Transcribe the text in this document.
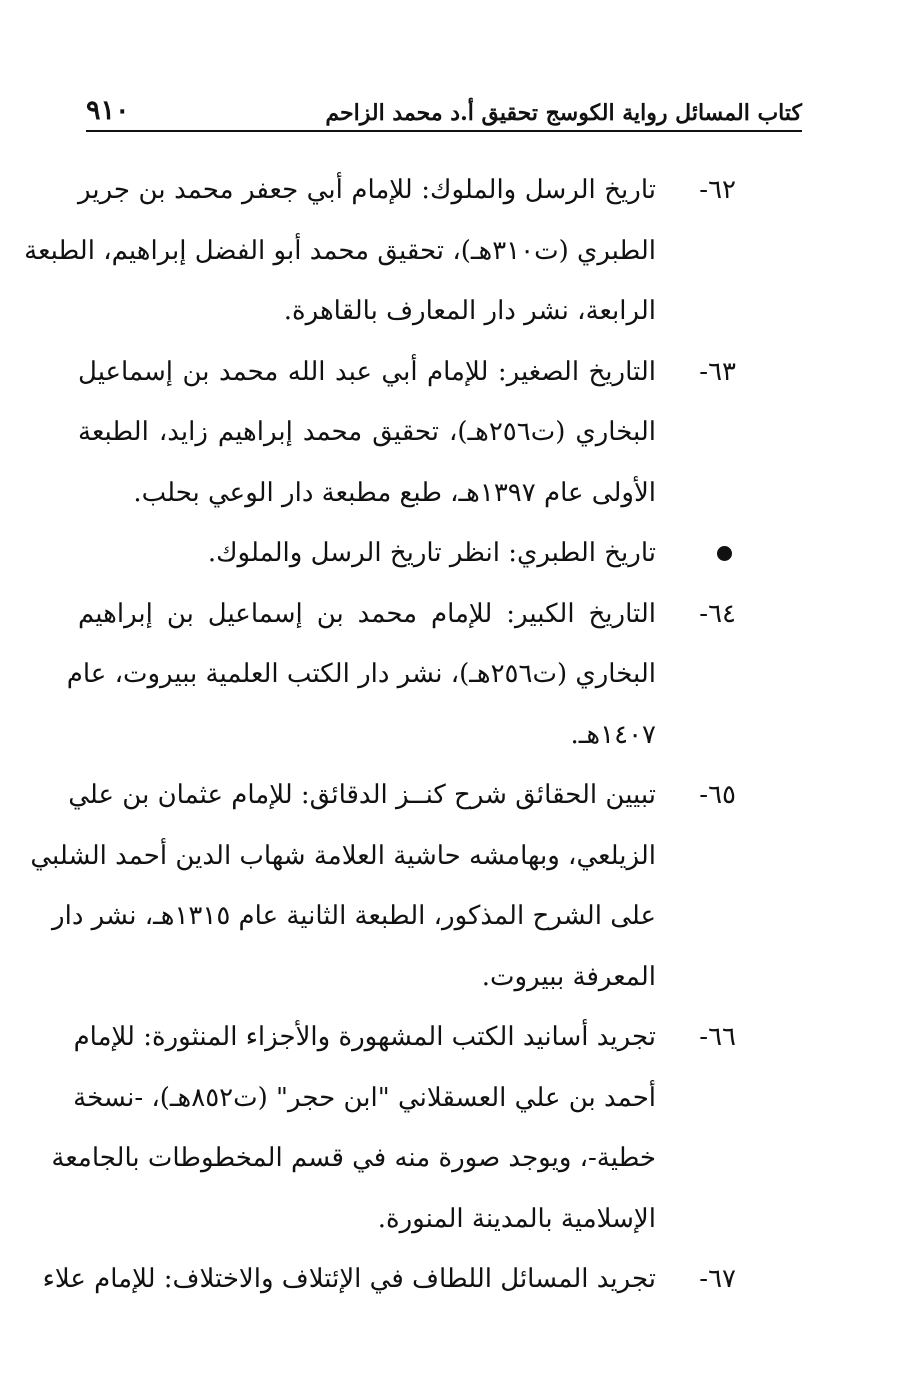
كتاب المسائل رواية الكوسج تحقيق أ.د محمد الزاحم
٩١٠
٦٢-
تاريخ الرسل والملوك: للإمام أبي جعفر محمد بن جرير
الطبري (ت٣١٠هـ)، تحقيق محمد أبو الفضل إبراهيم، الطبعة
الرابعة، نشر دار المعارف بالقاهرة.
٦٣-
التاريخ الصغير: للإمام أبي عبد الله محمد بن إسماعيل
البخاري (ت٢٥٦هـ)، تحقيق محمد إبراهيم زايد، الطبعة
الأولى عام ١٣٩٧هـ، طبع مطبعة دار الوعي بحلب.
تاريخ الطبري: انظر تاريخ الرسل والملوك.
٦٤-
التاريخ الكبير: للإمام محمد بن إسماعيل بن إبراهيم
البخاري (ت٢٥٦هـ)، نشر دار الكتب العلمية ببيروت، عام
١٤٠٧هـ.
٦٥-
تبيين الحقائق شرح كنــز الدقائق: للإمام عثمان بن علي
الزيلعي، وبهامشه حاشية العلامة شهاب الدين أحمد الشلبي
على الشرح المذكور، الطبعة الثانية عام ١٣١٥هـ، نشر دار
المعرفة ببيروت.
٦٦-
تجريد أسانيد الكتب المشهورة والأجزاء المنثورة: للإمام
أحمد بن علي العسقلاني "ابن حجر" (ت٨٥٢هـ)، -نسخة
خطية-، ويوجد صورة منه في قسم المخطوطات بالجامعة
الإسلامية بالمدينة المنورة.
٦٧-
تجريد المسائل اللطاف في الإئتلاف والاختلاف: للإمام علاء
